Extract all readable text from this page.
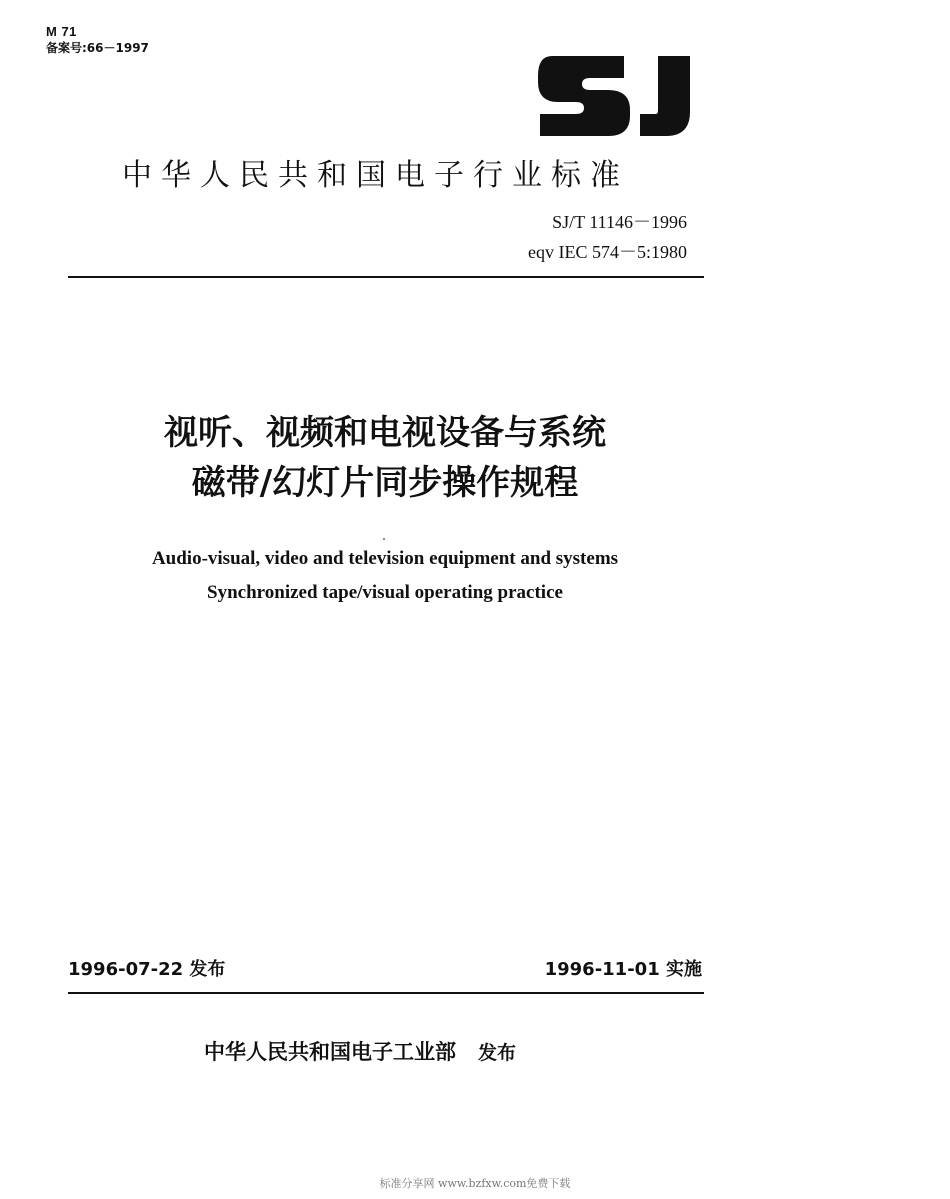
M 71
备案号:66－1997
中华人民共和国电子行业标准
SJ/T 11146－1996
eqv IEC 574－5:1980
视听、视频和电视设备与系统
磁带/幻灯片同步操作规程
Audio-visual, video and television equipment and systems
Synchronized tape/visual operating practice
1996-07-22 发布	1996-11-01 实施
中华人民共和国电子工业部 发布
标准分享网 www.bzfxw.com免费下载
